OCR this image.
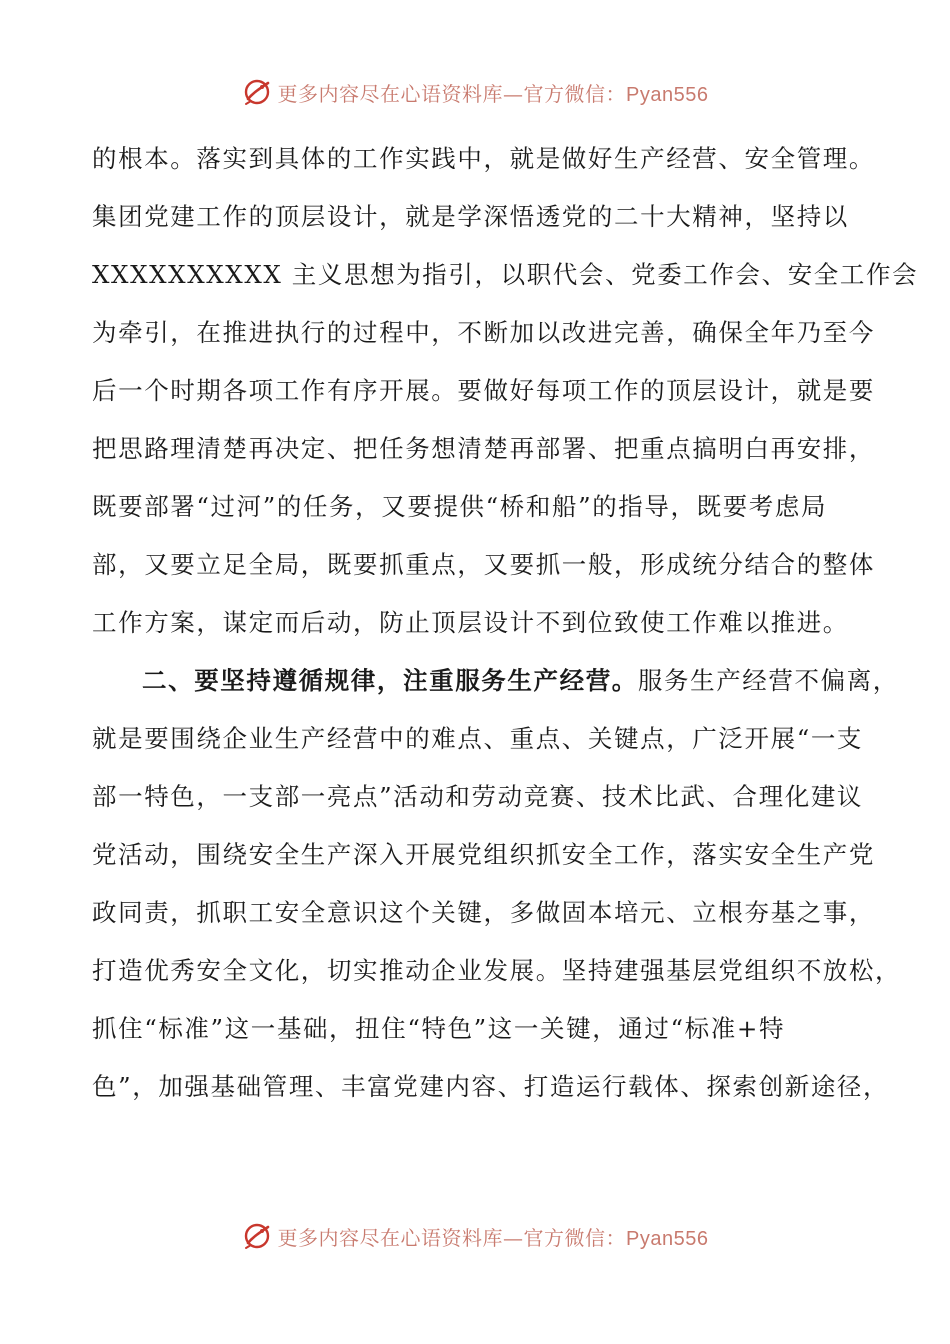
更多内容尽在心语资料库—官方微信：Pyan556
的根本。落实到具体的工作实践中，就是做好生产经营、安全管理。
集团党建工作的顶层设计，就是学深悟透党的二十大精神，坚持以
XXXXXXXXXX 主义思想为指引，以职代会、党委工作会、安全工作会
为牵引，在推进执行的过程中，不断加以改进完善，确保全年乃至今
后一个时期各项工作有序开展。要做好每项工作的顶层设计，就是要
把思路理清楚再决定、把任务想清楚再部署、把重点搞明白再安排，
既要部署“过河”的任务，又要提供“桥和船”的指导，既要考虑局
部，又要立足全局，既要抓重点，又要抓一般，形成统分结合的整体
工作方案，谋定而后动，防止顶层设计不到位致使工作难以推进。
二、要坚持遵循规律，注重服务生产经营。服务生产经营不偏离，
就是要围绕企业生产经营中的难点、重点、关键点，广泛开展“一支
部一特色，一支部一亮点”活动和劳动竞赛、技术比武、合理化建议
党活动，围绕安全生产深入开展党组织抓安全工作，落实安全生产党
政同责，抓职工安全意识这个关键，多做固本培元、立根夯基之事，
打造优秀安全文化，切实推动企业发展。坚持建强基层党组织不放松，
抓住“标准”这一基础，扭住“特色”这一关键，通过“标准+特
色”，加强基础管理、丰富党建内容、打造运行载体、探索创新途径，
更多内容尽在心语资料库—官方微信：Pyan556
